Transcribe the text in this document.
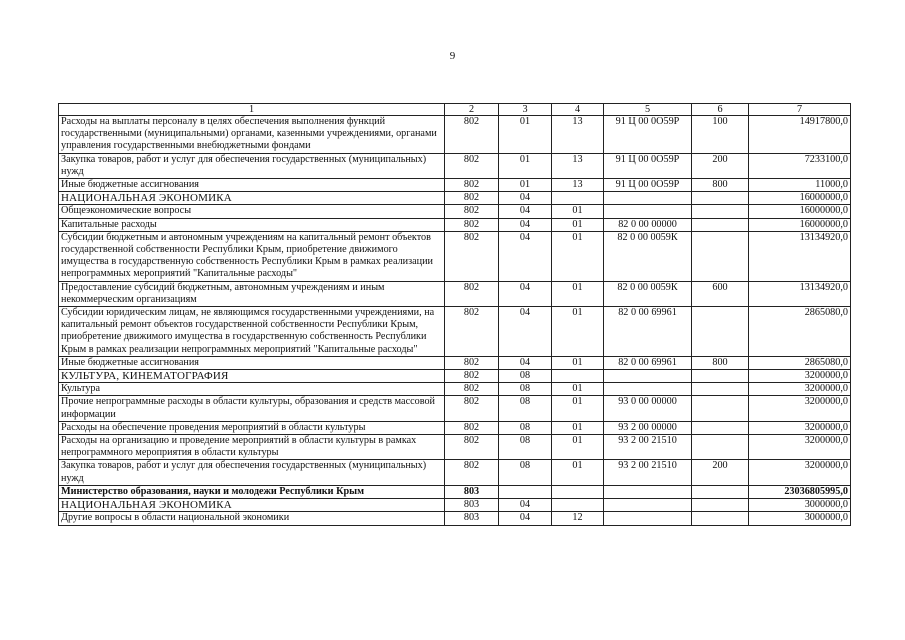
9
1	2	3	4	5	6	7
Расходы на выплаты персоналу в целях обеспечения выполнения функций государственными (муниципальными) органами, казенными учреждениями, органами управления государственными внебюджетными фондами	802	01	13	91 Ц 00 0О59Р	100	14917800,0
Закупка товаров, работ и услуг для обеспечения государственных (муниципальных) нужд	802	01	13	91 Ц 00 0О59Р	200	7233100,0
Иные бюджетные ассигнования	802	01	13	91 Ц 00 0О59Р	800	11000,0
НАЦИОНАЛЬНАЯ ЭКОНОМИКА	802	04				16000000,0
Общеэкономические вопросы	802	04	01			16000000,0
Капитальные расходы	802	04	01	82 0 00 00000		16000000,0
Субсидии бюджетным и автономным учреждениям на капитальный ремонт объектов государственной собственности Республики Крым, приобретение движимого имущества в государственную собственность Республики Крым в рамках реализации непрограммных мероприятий "Капитальные расходы"	802	04	01	82 0 00 0059К		13134920,0
Предоставление субсидий бюджетным, автономным учреждениям и иным некоммерческим организациям	802	04	01	82 0 00 0059К	600	13134920,0
Субсидии юридическим лицам, не являющимся государственными учреждениями, на капитальный ремонт объектов государственной собственности Республики Крым, приобретение движимого имущества в государственную собственность Республики Крым в рамках реализации непрограммных мероприятий "Капитальные расходы"	802	04	01	82 0 00 69961		2865080,0
Иные бюджетные ассигнования	802	04	01	82 0 00 69961	800	2865080,0
КУЛЬТУРА, КИНЕМАТОГРАФИЯ	802	08				3200000,0
Культура	802	08	01			3200000,0
Прочие непрограммные расходы в области культуры, образования и средств массовой информации	802	08	01	93 0 00 00000		3200000,0
Расходы на обеспечение проведения мероприятий в области культуры	802	08	01	93 2 00 00000		3200000,0
Расходы на организацию и проведение мероприятий в области культуры в рамках непрограммного мероприятия в области культуры	802	08	01	93 2 00 21510		3200000,0
Закупка товаров, работ и услуг для обеспечения государственных (муниципальных) нужд	802	08	01	93 2 00 21510	200	3200000,0
Министерство образования, науки и молодежи Республики Крым	803					23036805995,0
НАЦИОНАЛЬНАЯ ЭКОНОМИКА	803	04				3000000,0
Другие вопросы в области национальной экономики	803	04	12			3000000,0
